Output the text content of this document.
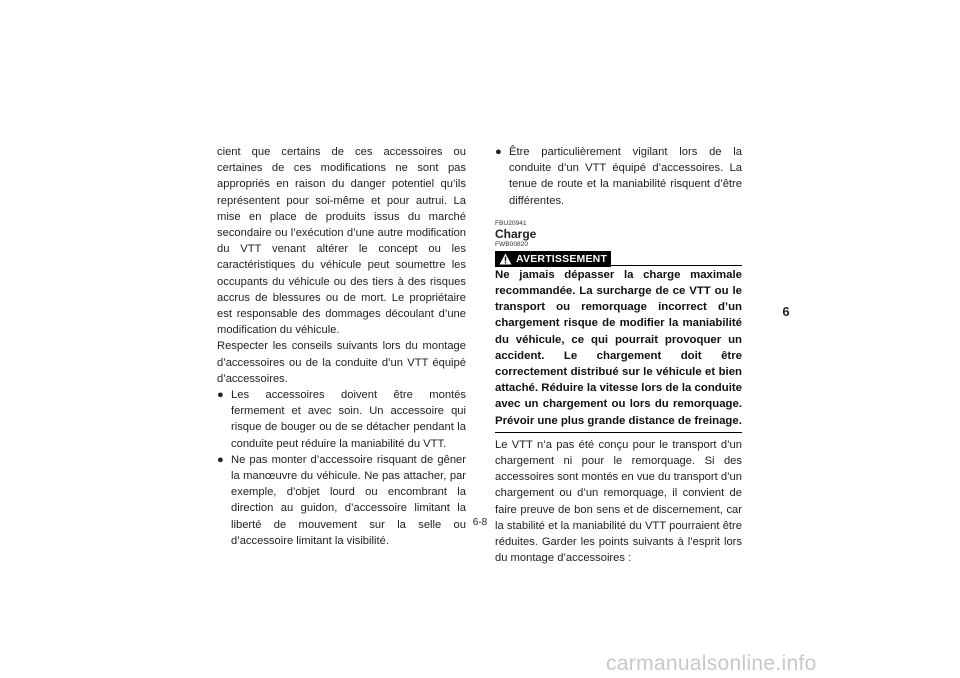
cient que certains de ces accessoires ou certaines de ces modifications ne sont pas appropriés en raison du danger potentiel qu’ils représentent pour soi-même et pour autrui. La mise en place de produits issus du marché secondaire ou l’exécution d’une autre modification du VTT venant altérer le concept ou les caractéristiques du véhicule peut soumettre les occupants du véhicule ou des tiers à des risques accrus de blessures ou de mort. Le propriétaire est responsable des dommages découlant d’une modification du véhicule.

Respecter les conseils suivants lors du montage d’accessoires ou de la conduite d’un VTT équipé d’accessoires.

● Les accessoires doivent être montés fermement et avec soin. Un accessoire qui risque de bouger ou de se détacher pendant la conduite peut réduire la maniabilité du VTT.

● Ne pas monter d’accessoire risquant de gêner la manœuvre du véhicule. Ne pas attacher, par exemple, d’objet lourd ou encombrant la direction au guidon, d’accessoire limitant la liberté de mouvement sur la selle ou d’accessoire limitant la visibilité.

● Être particulièrement vigilant lors de la conduite d’un VTT équipé d’accessoires. La tenue de route et la maniabilité risquent d’être différentes.

FBU20941
Charge
FWB00820
AVERTISSEMENT

Ne jamais dépasser la charge maximale recommandée. La surcharge de ce VTT ou le transport ou remorquage incorrect d’un chargement risque de modifier la maniabilité du véhicule, ce qui pourrait provoquer un accident. Le chargement doit être correctement distribué sur le véhicule et bien attaché. Réduire la vitesse lors de la conduite avec un chargement ou lors du remorquage. Prévoir une plus grande distance de freinage.

Le VTT n’a pas été conçu pour le transport d’un chargement ni pour le remorquage. Si des accessoires sont montés en vue du transport d’un chargement ou d’un remorquage, il convient de faire preuve de bon sens et de discernement, car la stabilité et la maniabilité du VTT pourraient être réduites. Garder les points suivants à l’esprit lors du montage d’accessoires :

6-8
6
carmanualsonline.info
